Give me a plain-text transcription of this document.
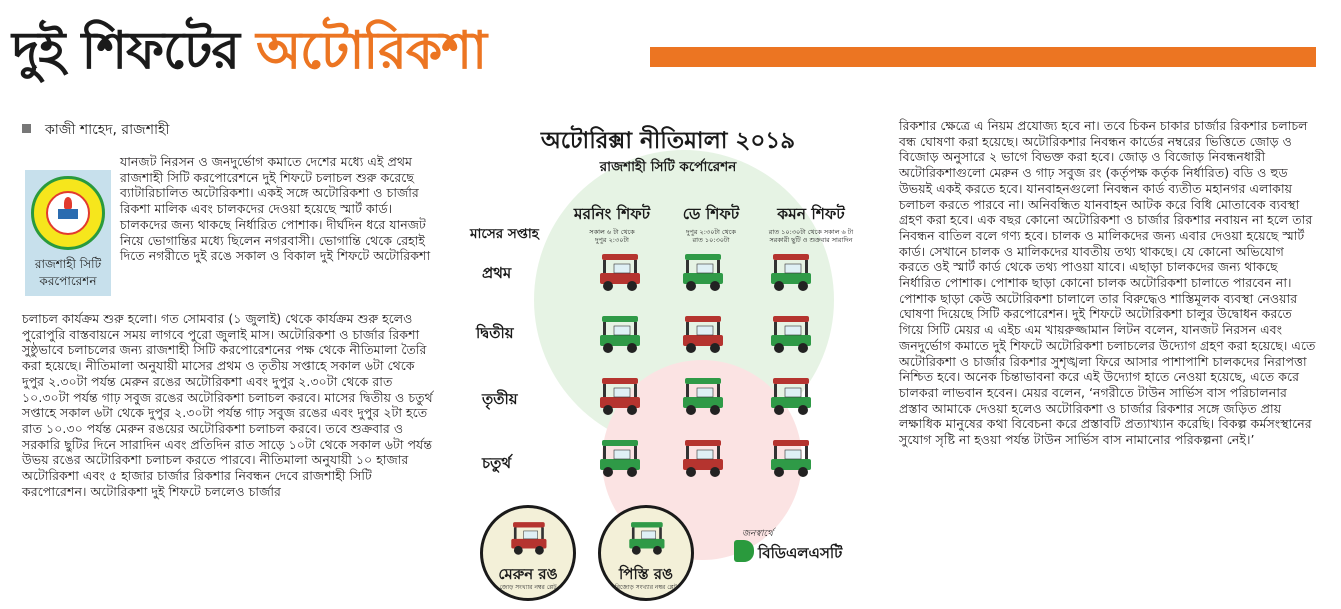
দুই শিফটের অটোরিকশা
কাজী শাহেদ, রাজশাহী
রাজশাহী সিটি
করপোরেশন

যানজট নিরসন ও জনদুর্ভোগ কমাতে দেশের মধ্যে এই প্রথম রাজশাহী সিটি করপোরেশনে দুই শিফটে চলাচল শুরু করেছে ব্যাটারিচালিত অটোরিকশা। একই সঙ্গে অটোরিকশা ও চার্জার রিকশা মালিক এবং চালকদের দেওয়া হয়েছে স্মার্ট কার্ড। চালকদের জন্য থাকছে নির্ধারিত পোশাক। দীর্ঘদিন ধরে যানজট নিয়ে ভোগান্তির মধ্যে ছিলেন নগরবাসী। ভোগান্তি থেকে রেহাই দিতে নগরীতে দুই রঙে সকাল ও বিকাল দুই শিফটে অটোরিকশা

চলাচল কার্যক্রম শুরু হলো। গত সোমবার (১ জুলাই) থেকে কার্যক্রম শুরু হলেও পুরোপুরি বাস্তবায়নে সময় লাগবে পুরো জুলাই মাস। অটোরিকশা ও চার্জার রিকশা সুষ্ঠুভাবে চলাচলের জন্য রাজশাহী সিটি করপোরেশনের পক্ষ থেকে নীতিমালা তৈরি করা হয়েছে। নীতিমালা অনুযায়ী মাসের প্রথম ও তৃতীয় সপ্তাহে সকাল ৬টা থেকে দুপুর ২.৩০টা পর্যন্ত মেরুন রঙের অটোরিকশা এবং দুপুর ২.৩০টা থেকে রাত ১০.৩০টা পর্যন্ত গাঢ় সবুজ রঙের অটোরিকশা চলাচল করবে। মাসের দ্বিতীয় ও চতুর্থ সপ্তাহে সকাল ৬টা থেকে দুপুর ২.৩০টা পর্যন্ত গাঢ় সবুজ রঙের এবং দুপুর ২টা হতে রাত ১০.৩০ পর্যন্ত মেরুন রঙয়ের অটোরিকশা চলাচল করবে। তবে শুক্রবার ও সরকারি ছুটির দিনে সারাদিন এবং প্রতিদিন রাত সাড়ে ১০টা থেকে সকাল ৬টা পর্যন্ত উভয় রঙের অটোরিকশা চলাচল করতে পারবে। নীতিমালা অনুযায়ী ১০ হাজার অটোরিকশা এবং ৫ হাজার চার্জার রিকশার নিবন্ধন দেবে রাজশাহী সিটি করপোরেশন। অটোরিকশা দুই শিফটে চললেও চার্জার

রিকশার ক্ষেত্রে এ নিয়ম প্রযোজ্য হবে না। তবে চিকন চাকার চার্জার রিকশার চলাচল বন্ধ ঘোষণা করা হয়েছে। অটোরিকশার নিবন্ধন কার্ডের নম্বরের ভিত্তিতে জোড় ও বিজোড় অনুসারে ২ ভাগে বিভক্ত করা হবে। জোড় ও বিজোড় নিবন্ধনধারী অটোরিকশাগুলো মেরুন ও গাঢ় সবুজ রং (কর্তৃপক্ষ কর্তৃক নির্ধারিত) বডি ও হুড উভয়ই একই করতে হবে। যানবাহনগুলো নিবন্ধন কার্ড ব্যতীত মহানগর এলাকায় চলাচল করতে পারবে না। অনিবন্ধিত যানবাহন আটক করে বিধি মোতাবেক ব্যবস্থা গ্রহণ করা হবে। এক বছর কোনো অটোরিকশা ও চার্জার রিকশার নবায়ন না হলে তার নিবন্ধন বাতিল বলে গণ্য হবে। চালক ও মালিকদের জন্য এবার দেওয়া হয়েছে স্মার্ট কার্ড। সেখানে চালক ও মালিকদের যাবতীয় তথ্য থাকছে। যে কোনো অভিযোগ করতে ওই স্মার্ট কার্ড থেকে তথ্য পাওয়া যাবে। এছাড়া চালকদের জন্য থাকছে নির্ধারিত পোশাক। পোশাক ছাড়া কোনো চালক অটোরিকশা চালাতে পারবেন না। পোশাক ছাড়া কেউ অটোরিকশা চালালে তার বিরুদ্ধেও শাস্তিমূলক ব্যবস্থা নেওয়ার ঘোষণা দিয়েছে সিটি করপোরেশন। দুই শিফটে অটোরিকশা চালুর উদ্বোধন করতে গিয়ে সিটি মেয়র এ এইচ এম খায়রুজ্জামান লিটন বলেন, যানজট নিরসন এবং জনদুর্ভোগ কমাতে দুই শিফটে অটোরিকশা চলাচলের উদ্যোগ গ্রহণ করা হয়েছে। এতে অটোরিকশা ও চার্জার রিকশার সুশৃঙ্খলা ফিরে আসার পাশাপাশি চালকদের নিরাপত্তা নিশ্চিত হবে। অনেক চিন্তাভাবনা করে এই উদ্যোগ হাতে নেওয়া হয়েছে, এতে করে চালকরা লাভবান হবেন। মেয়র বলেন, ‘নগরীতে টাউন সার্ভিস বাস পরিচালনার প্রস্তাব আমাকে দেওয়া হলেও অটোরিকশা ও চার্জার রিকশার সঙ্গে জড়িত প্রায় লক্ষাধিক মানুষের কথা বিবেচনা করে প্রস্তাবটি প্রত্যাখ্যান করেছি। বিকল্প কর্মসংস্থানের সুযোগ সৃষ্টি না হওয়া পর্যন্ত টাউন সার্ভিস বাস নামানোর পরিকল্পনা নেই।’

অটোরিক্সা নীতিমালা ২০১৯
রাজশাহী সিটি কর্পোরেশন
মরনিং শিফট
সকাল ৬ টা থেকে
দুপুর ২:৩০টা
ডে শিফট
দুপুর ২:৩০টা থেকে
রাত ১০:৩০টা
কমন শিফট
রাত ১০:৩০টা থেকে সকাল ৬ টা
সরকারী ছুটি ও শুক্রবার সারাদিন
মাসের সপ্তাহ
প্রথম
দ্বিতীয়
তৃতীয়
চতুর্থ
মেরুন রঙ
জোড় সংখ্যার নম্বর প্লেট
পিস্তি রঙ
বিজোড় সংখ্যার নম্বর প্লেট
জনস্বার্থে
বিডিএলএসটি
